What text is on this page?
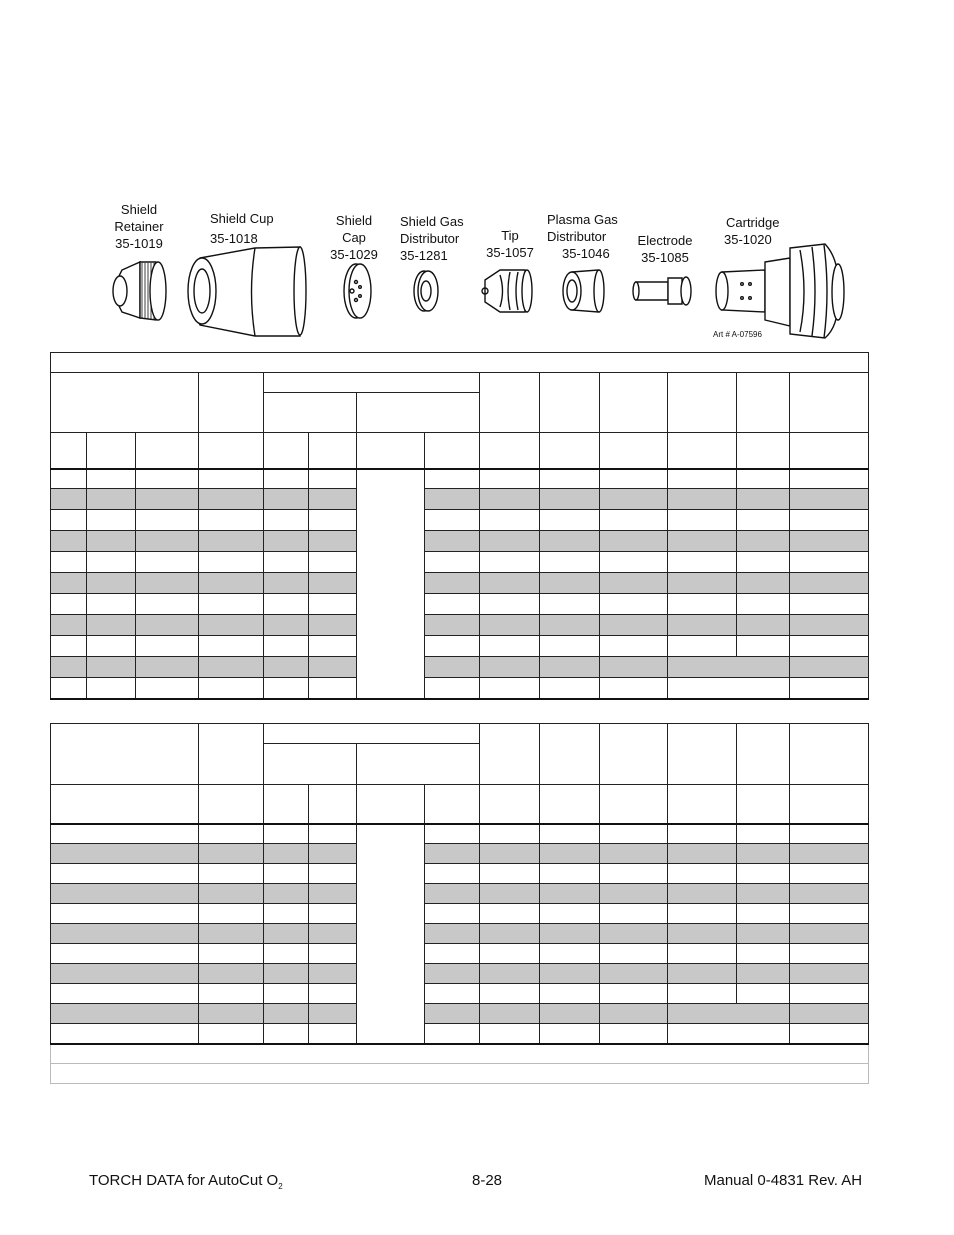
Shield
Retainer
35-1019
Shield Cup
35-1018
Shield
Cap
35-1029
Shield Gas
Distributor
35-1281
Tip
35-1057
Plasma Gas
Distributor
35-1046
Electrode
35-1085
Cartridge
35-1020
Art # A-07596

TORCH DATA for AutoCut $O_2$	8-28	Manual 0-4831 Rev. AH
